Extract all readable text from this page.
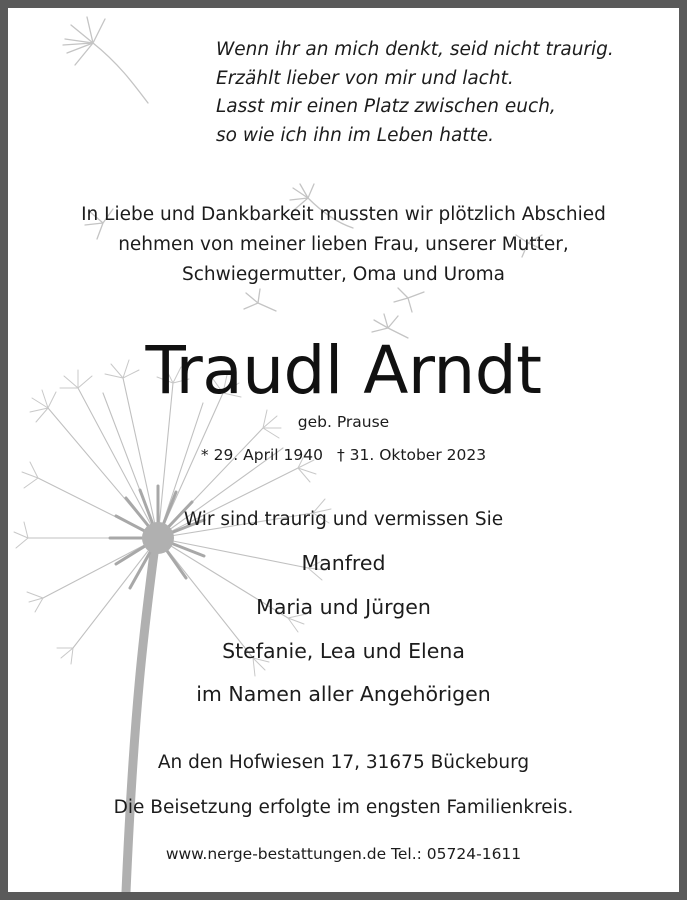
Wenn ihr an mich denkt, seid nicht traurig.
Erzählt lieber von mir und lacht.
Lasst mir einen Platz zwischen euch,
so wie ich ihn im Leben hatte.
In Liebe und Dankbarkeit mussten wir plötzlich Abschied
nehmen von meiner lieben Frau, unserer Mutter,
Schwiegermutter, Oma und Uroma
Traudl Arndt
geb. Prause
* 29. April 1940 † 31. Oktober 2023
Wir sind traurig und vermissen Sie
Manfred
Maria und Jürgen
Stefanie, Lea und Elena
im Namen aller Angehörigen
An den Hofwiesen 17, 31675 Bückeburg
Die Beisetzung erfolgte im engsten Familienkreis.
www.nerge-bestattungen.de Tel.: 05724-1611
